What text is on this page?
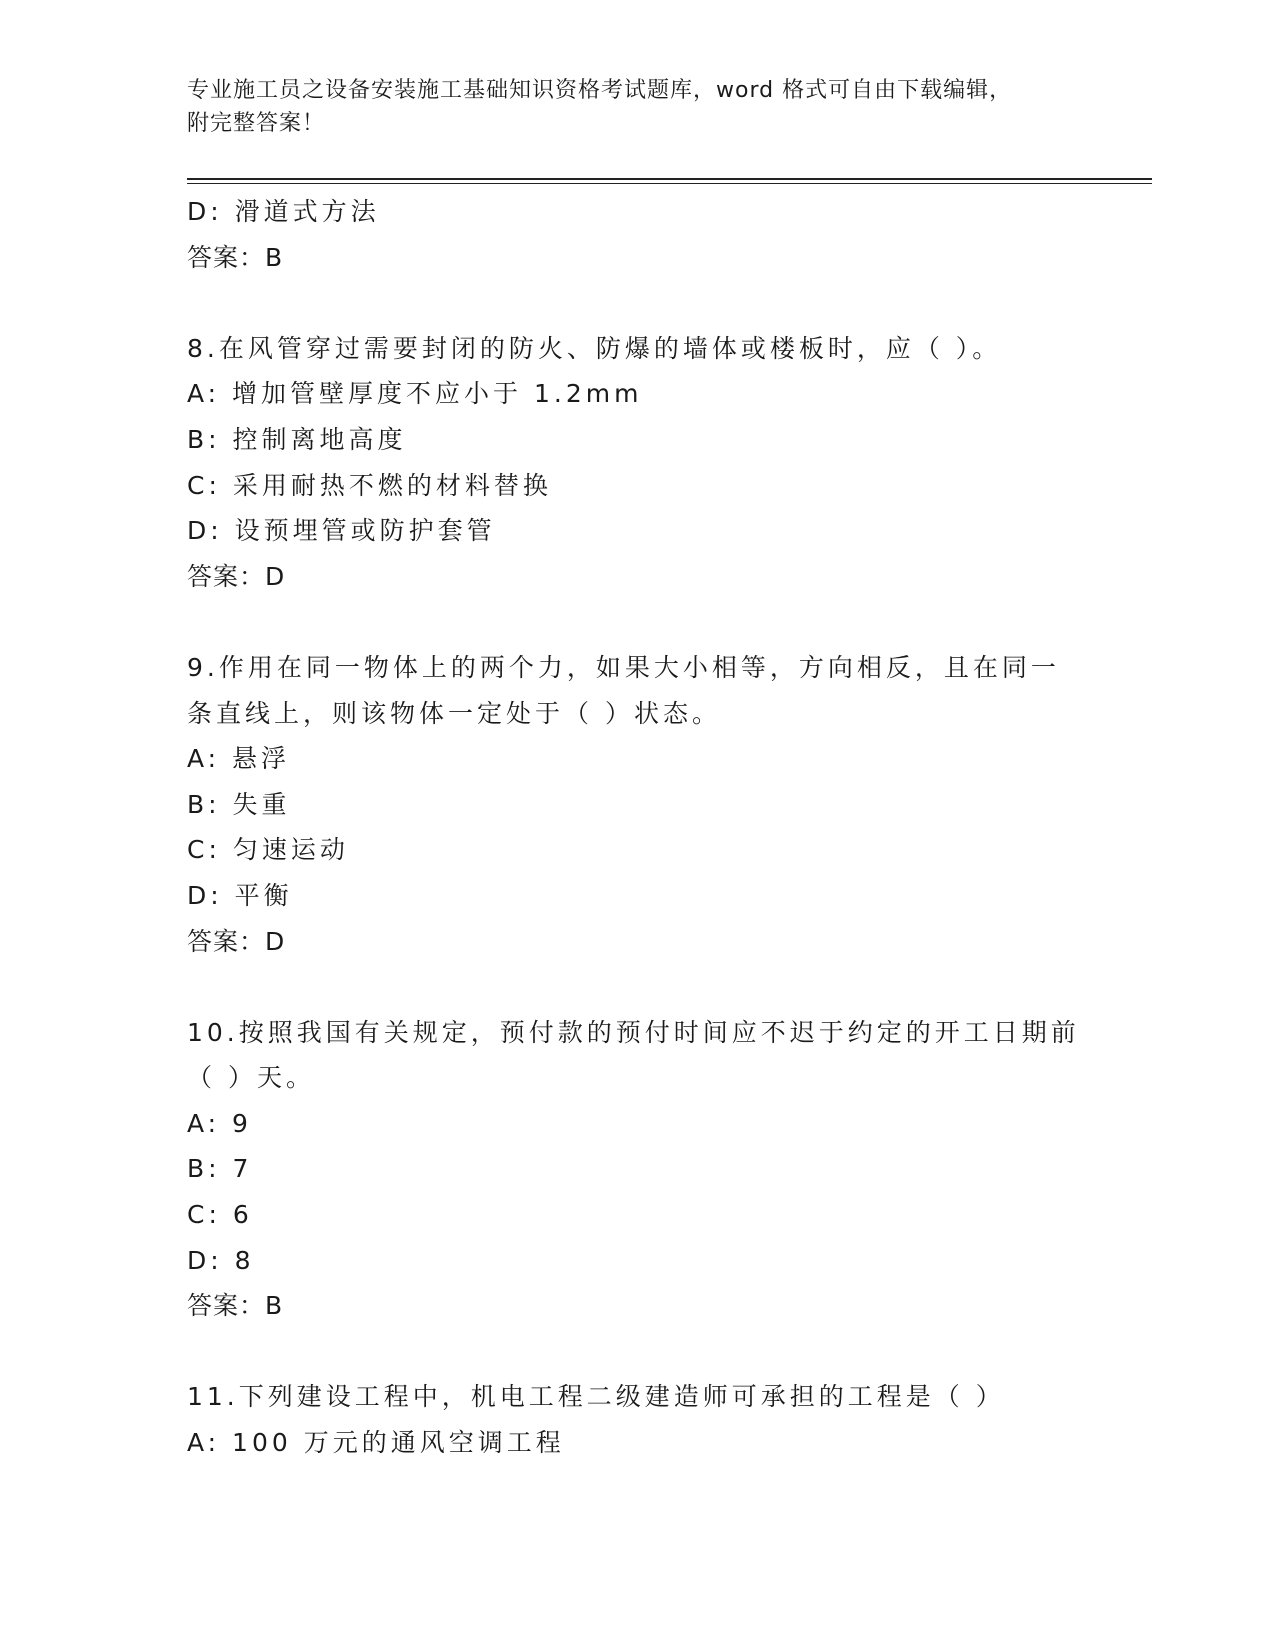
专业施工员之设备安装施工基础知识资格考试题库，word 格式可自由下载编辑，
附完整答案！
D: 滑道式方法
答案：B
8.在风管穿过需要封闭的防火、防爆的墙体或楼板时，应（ ）。
A: 增加管壁厚度不应小于 1.2mm
B: 控制离地高度
C: 采用耐热不燃的材料替换
D: 设预埋管或防护套管
答案：D
9.作用在同一物体上的两个力，如果大小相等，方向相反，且在同一
条直线上，则该物体一定处于（ ）状态。
A: 悬浮
B: 失重
C: 匀速运动
D: 平衡
答案：D
10.按照我国有关规定，预付款的预付时间应不迟于约定的开工日期前
（ ）天。
A: 9
B: 7
C: 6
D: 8
答案：B
11.下列建设工程中，机电工程二级建造师可承担的工程是（ ）
A: 100 万元的通风空调工程
